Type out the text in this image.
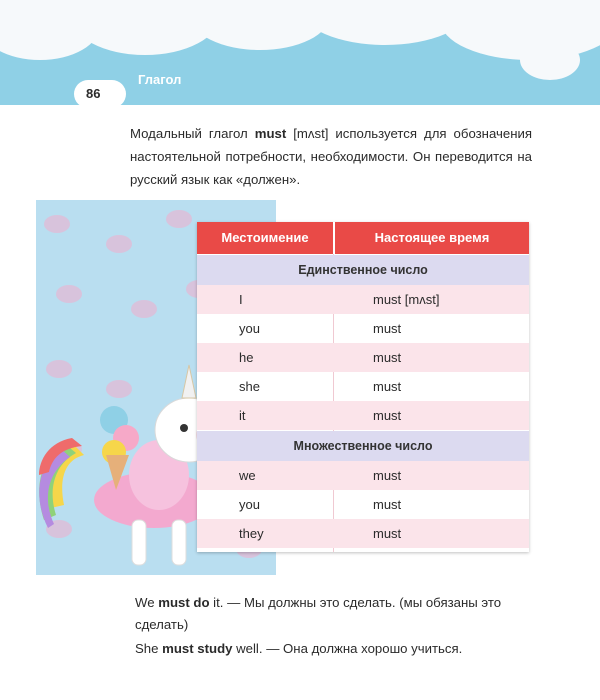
86
Глагол

Модальный глагол must [mʌst] используется для обозначения настоятельной потребности, необходимости. Он переводится на русский язык как «должен».

Местоимение	Настоящее время
Единственное число
I	must [mʌst]
you	must
he	must
she	must
it	must
Множественное число
we	must
you	must
they	must
We must do it. — Мы должны это сделать. (мы обязаны это сделать)
She must study well. — Она должна хорошо учиться.
